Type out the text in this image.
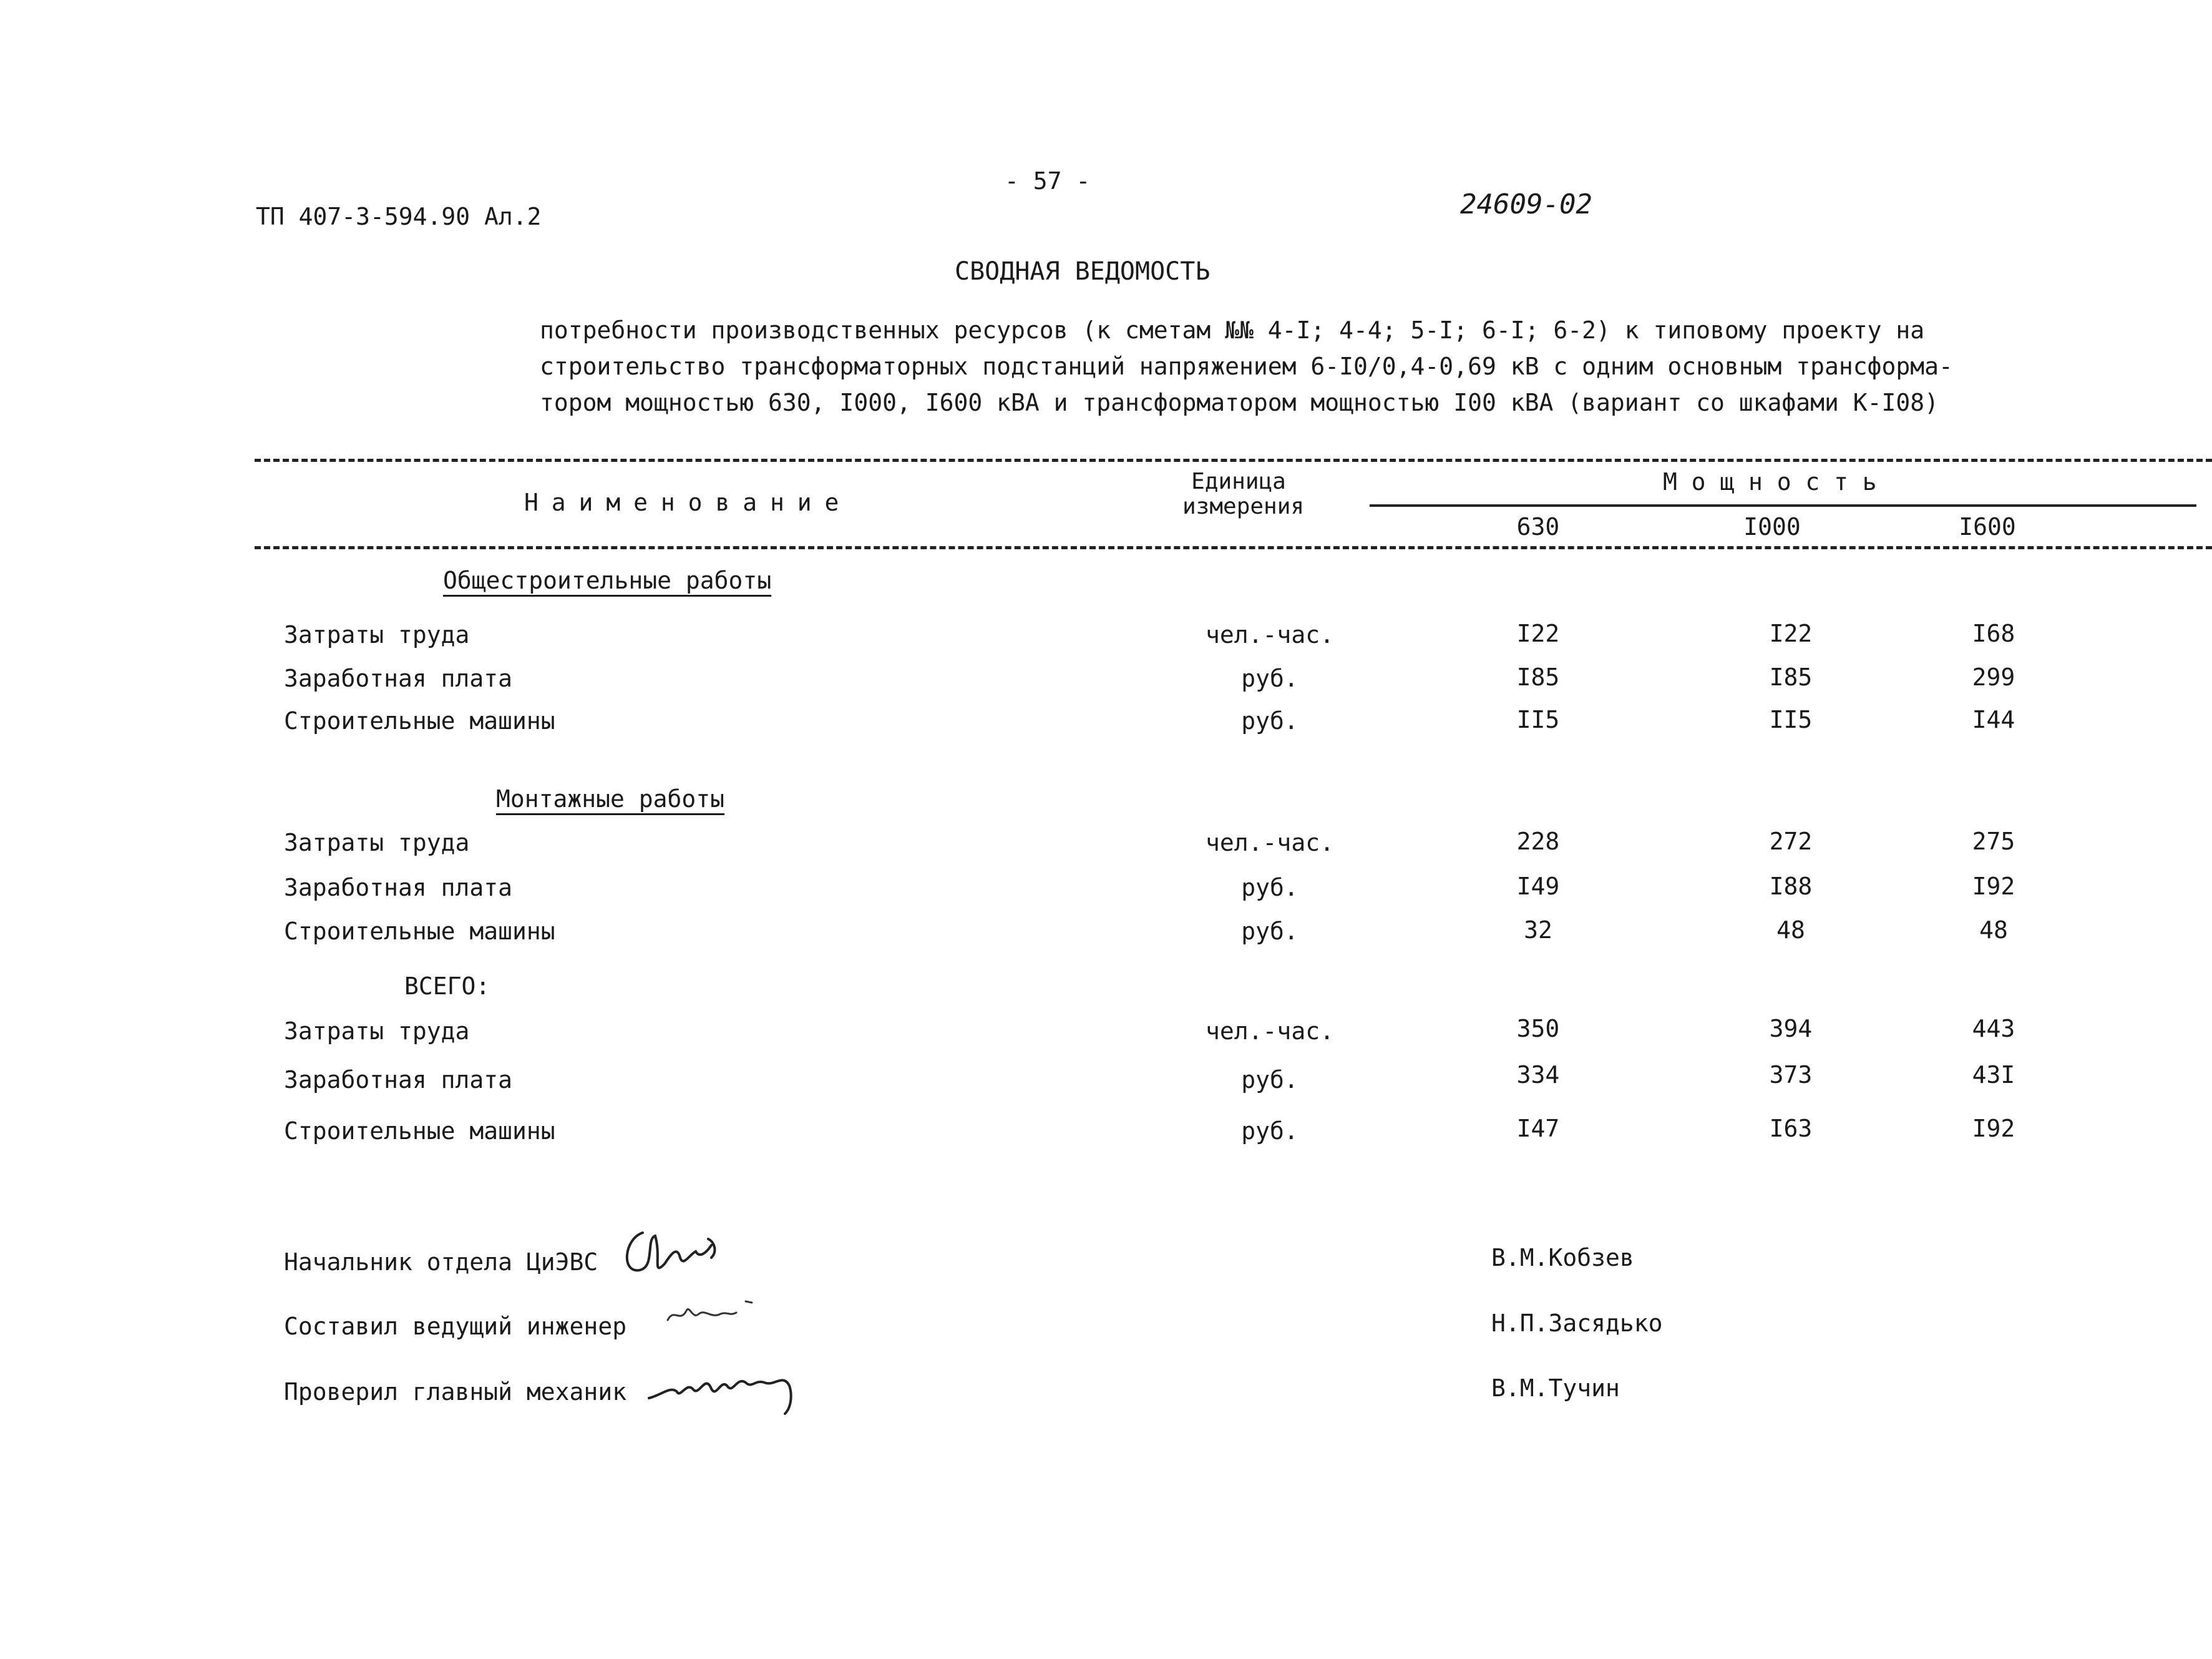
- 57 -
ТП 407-3-594.90 Ал.2	24609-02
СВОДНАЯ ВЕДОМОСТЬ
потребности производственных ресурсов (к сметам №№ 4-I; 4-4; 5-I; 6-I; 6-2) к типовому проекту на
строительство трансформаторных подстанций напряжением 6-I0/0,4-0,69 кВ с одним основным трансформа-
тором мощностью 630, I000, I600 кВА и трансформатором мощностью I00 кВА (вариант со шкафами К-I08)
Наименование
Единица измерения
Мощность
630	I000	I600
Общестроительные работы
Затраты труда	чел.-час.	I22	I22	I68
Заработная плата	руб.	I85	I85	299
Строительные машины	руб.	II5	II5	I44
Монтажные работы
Затраты труда	чел.-час.	228	272	275
Заработная плата	руб.	I49	I88	I92
Строительные машины	руб.	32	48	48
ВСЕГО:
Затраты труда	чел.-час.	350	394	443
Заработная плата	руб.	334	373	43I
Строительные машины	руб.	I47	I63	I92
Начальник отдела ЦиЭВС	В.М.Кобзев
Составил ведущий инженер	Н.П.Засядько
Проверил главный механик	В.М.Тучин
